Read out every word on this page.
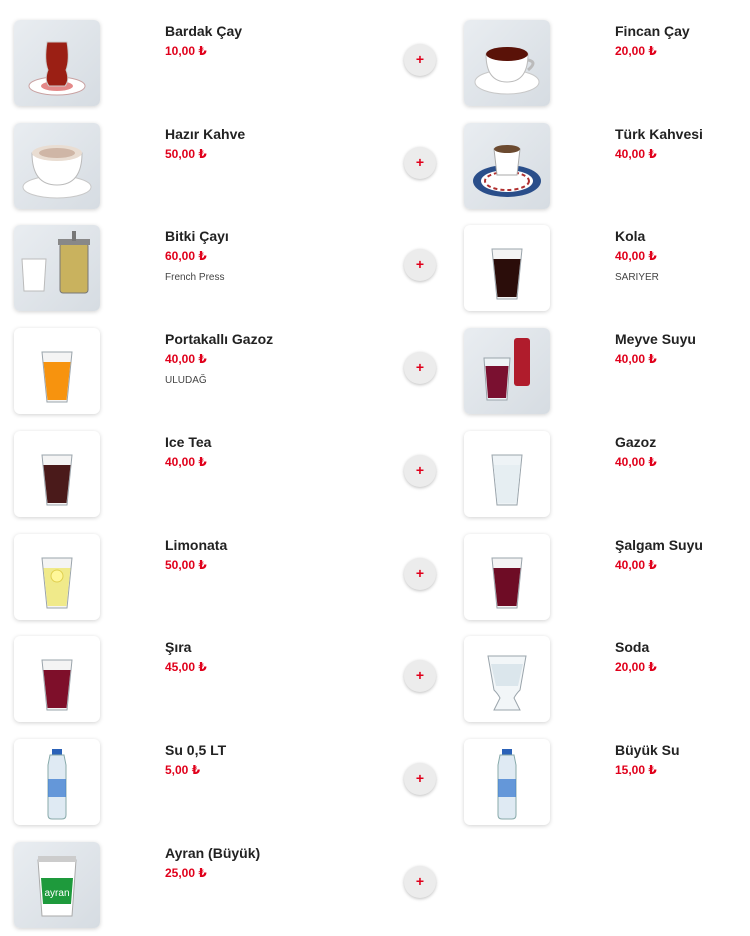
Bardak Çay
10,00 ₺	+
Fincan Çay
20,00 ₺
Hazır Kahve
50,00 ₺	+
Türk Kahvesi
40,00 ₺
Bitki Çayı
60,00 ₺
French Press
+
Kola
40,00 ₺
SARIYER
Portakallı Gazoz
40,00 ₺
ULUDAĞ
+
Meyve Suyu
40,00 ₺
Ice Tea
40,00 ₺	+
Gazoz
40,00 ₺
Limonata
50,00 ₺	+
Şalgam Suyu
40,00 ₺
Şıra
45,00 ₺	+
Soda
20,00 ₺
Su 0,5 LT
5,00 ₺	+
Büyük Su
15,00 ₺
ayran
Ayran (Büyük)
25,00 ₺	+
